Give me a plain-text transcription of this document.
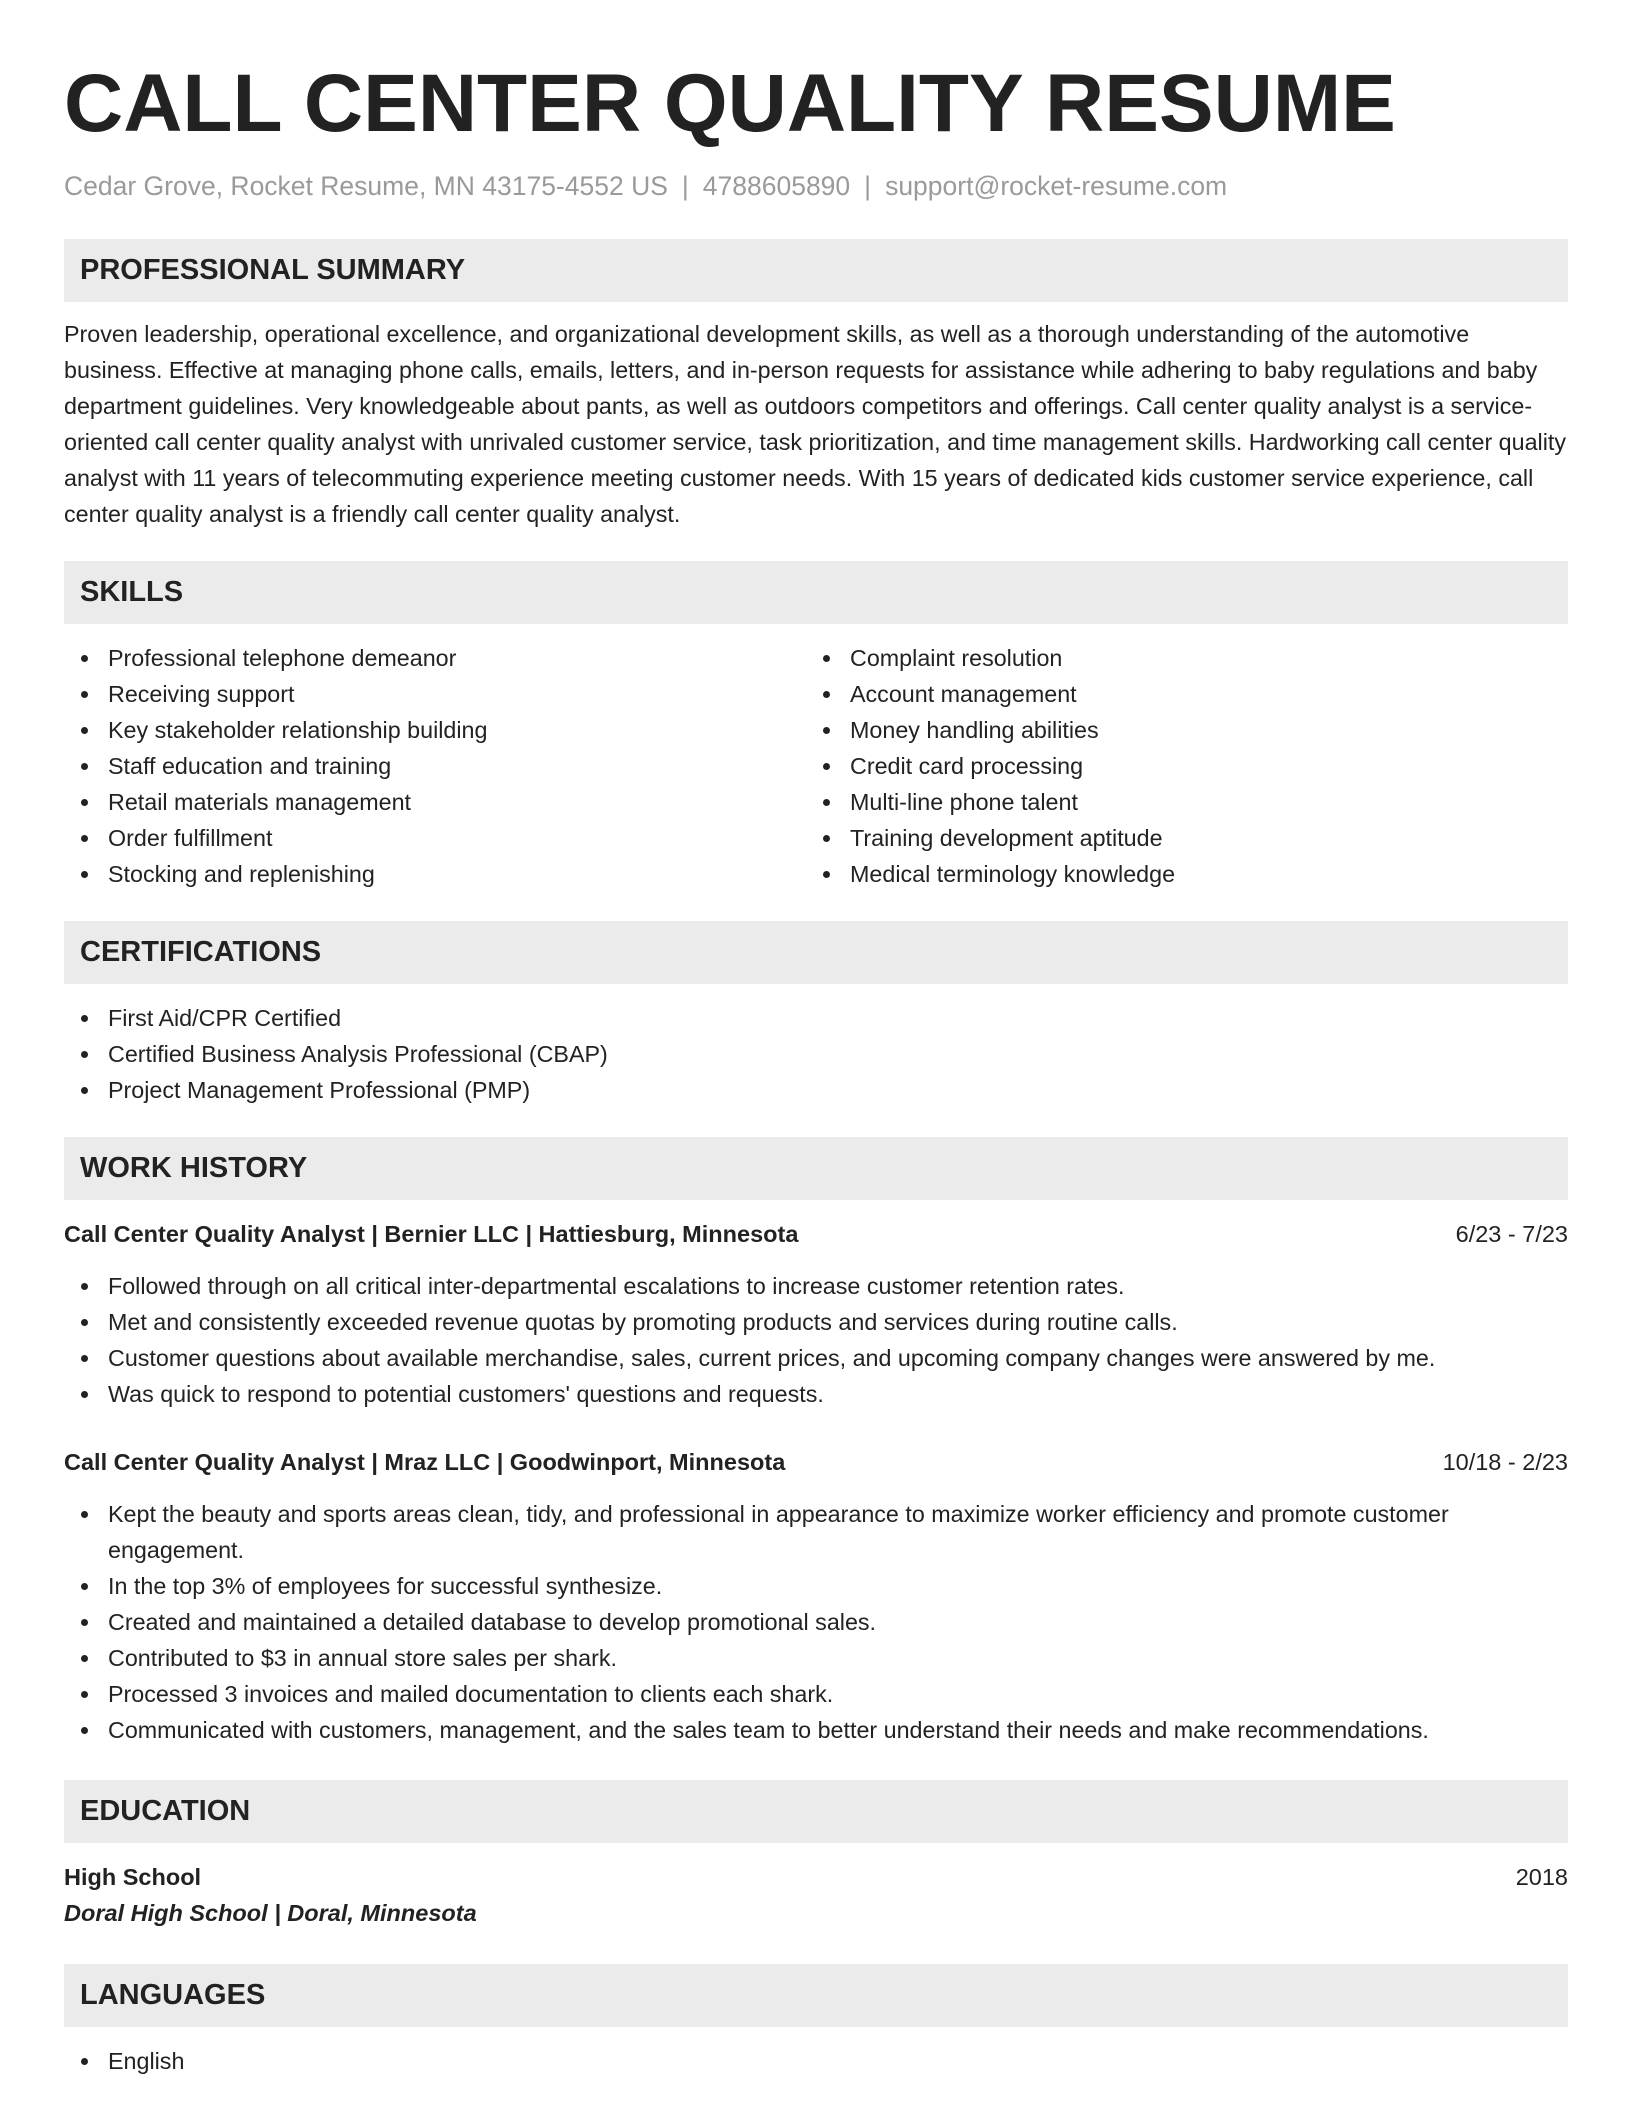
CALL CENTER QUALITY RESUME
Cedar Grove, Rocket Resume, MN 43175-4552 US | 4788605890 | support@rocket-resume.com
PROFESSIONAL SUMMARY

Proven leadership, operational excellence, and organizational development skills, as well as a thorough understanding of the automotive business. Effective at managing phone calls, emails, letters, and in-person requests for assistance while adhering to baby regulations and baby department guidelines. Very knowledgeable about pants, as well as outdoors competitors and offerings. Call center quality analyst is a service-oriented call center quality analyst with unrivaled customer service, task prioritization, and time management skills. Hardworking call center quality analyst with 11 years of telecommuting experience meeting customer needs. With 15 years of dedicated kids customer service experience, call center quality analyst is a friendly call center quality analyst.

SKILLS
Professional telephone demeanor
Receiving support
Key stakeholder relationship building
Staff education and training
Retail materials management
Order fulfillment
Stocking and replenishing
Complaint resolution
Account management
Money handling abilities
Credit card processing
Multi-line phone talent
Training development aptitude
Medical terminology knowledge
CERTIFICATIONS
First Aid/CPR Certified
Certified Business Analysis Professional (CBAP)
Project Management Professional (PMP)
WORK HISTORY
Call Center Quality Analyst | Bernier LLC | Hattiesburg, Minnesota	6/23 - 7/23
Followed through on all critical inter-departmental escalations to increase customer retention rates.
Met and consistently exceeded revenue quotas by promoting products and services during routine calls.
Customer questions about available merchandise, sales, current prices, and upcoming company changes were answered by me.
Was quick to respond to potential customers' questions and requests.
Call Center Quality Analyst | Mraz LLC | Goodwinport, Minnesota	10/18 - 2/23
Kept the beauty and sports areas clean, tidy, and professional in appearance to maximize worker efficiency and promote customer engagement.
In the top 3% of employees for successful synthesize.
Created and maintained a detailed database to develop promotional sales.
Contributed to $3 in annual store sales per shark.
Processed 3 invoices and mailed documentation to clients each shark.
Communicated with customers, management, and the sales team to better understand their needs and make recommendations.
EDUCATION
High School	2018
Doral High School | Doral, Minnesota
LANGUAGES
English
